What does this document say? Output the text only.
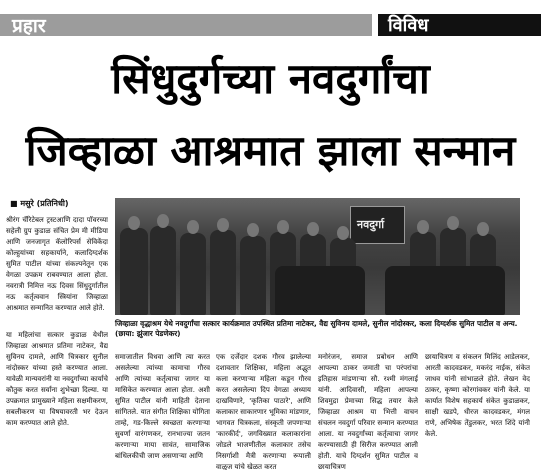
प्रहार	विविध
सिंधुदुर्गच्या नवदुर्गांचा
जिव्हाळा आश्रमात झाला सन्मान
■ मसुरे (प्रतिनिधी)
श्रीरंग चॅरिटेबल ट्रस्टआणि दादा पॉवरच्या सहेली ग्रुप कुडाळ संचित प्रेम मी मीडिया आणि जनजागृत कॅलोरिपर्स सेविकेंदा कोल्हुयांच्या सहकार्याने, कलादिग्दर्शक सुमित पाटील यांच्या संकल्पनेतून एक वेगळा उपक्रम राबवण्यात आला होता. नवरात्री निमित्त नऊ दिवस सिंधुदुर्गातील नऊ कर्तृत्ववान स्त्रियांना जिव्हाळा आश्रमात सन्मानित करण्यात आले होते.
या महिलांचा सत्कार कुडाळ येथील जिव्हाळा आश्रमात प्रतिमा नाटेकर, वैद्य सुविनय दामले, आणि चित्रकार सुनील नांदोस्कर यांच्या हस्ते करण्यात आला. यावेळी मान्यवरांनी या नवदुर्गांच्या कार्याचे कौतुक करत सर्वांना शुभेच्छा दिल्या. या उपक्रमात प्रामुख्याने महिला सक्षमीकरण, सबलीकरण या विषयावरती भर देऊन काम करण्यात आले होते.
नवदुर्गा
जिव्हाळा वृद्धाश्रम येथे नवदुर्गांचा सत्कार कार्यक्रमात उपस्थित प्रतिमा नाटेकर, वैद्य सुविनय दामले, सुनील नांदोस्कर, कला दिग्दर्शक सुमित पाटील व अन्य. (छाया: झुंजार पेडणेकर)
समाजातील विधवा आणि त्या करत असलेल्या त्यांच्या कामाचा गौरव आणि त्यांच्या कर्तृत्वाचा जागर या मासिकेत करण्यात आला होता. अशी सुमित पाटील यांनी माहिती देताना सांगितले. यात संगीत शिक्षिका योगिता ताम्हे, गड-किल्ले स्वच्छता करणाऱ्या सुवर्णा वारंगणकर, रानभाज्या जतन करणाऱ्या माया सावंत, सामाजिक बांधिलकीची जाण असणाऱ्या आणि
एक दर्जेदार दशक गौरव झालेल्या दशावतार शिक्षिका, महिला अद्भुत कला करणाऱ्या महिला कडून गौरव करत असलेल्या दिप वेगळा अध्याय दाखविणारे, 'कृतिका पाठारे', आणि कलाकार साकारणार भूमिका मांडणार, भागवत चित्रकला, संस्कृती जपणाऱ्या 'कारकीर्द', जगविख्यात कलाकारांना जोडले भाजणीतील कलाकार तसेच निसर्गाशी मैत्री करणाऱ्या रूपाली वाळुज यांचे खेळत करत
मनोरंजन, समाज प्रबोधन आणि आपल्या ठाकर जमाती चा परंपरांचा इतिहास मांडणाऱ्या सौ. रश्मी मंगलाई यांनी. आदिवासी, महिला आपल्या शिवमुद्रा प्रेमाच्या सिद्ध तयार केले जिव्हाळा आश्रम या भित्ती वाचन संचलन नवदुर्गा परिवार सन्मान करण्यात आला. या नवदुर्गांच्या कर्तृत्वाचा जागर करण्यासाठी ही सिरीज करण्यात आली होती. याचे दिग्दर्शन सुमित पाटील व छायाचित्रण
छायाचित्रण व संकलन मिलिंद आडेलकर, आरती कादवडकर, मकरंद नाईक, संकेत जाधव यांनी सांभाळले होते. लेखन वेद ठाकर, कृष्णा कोरगांवकर यांनी केले. या कार्यात विशेष सहकार्य संकेत कुडाळकर, साक्षी खडपे, धीरज कादवडकर, मंगल राणे, अभिषेक तेंडुलकर, भरत शिंदे यांनी केले.
